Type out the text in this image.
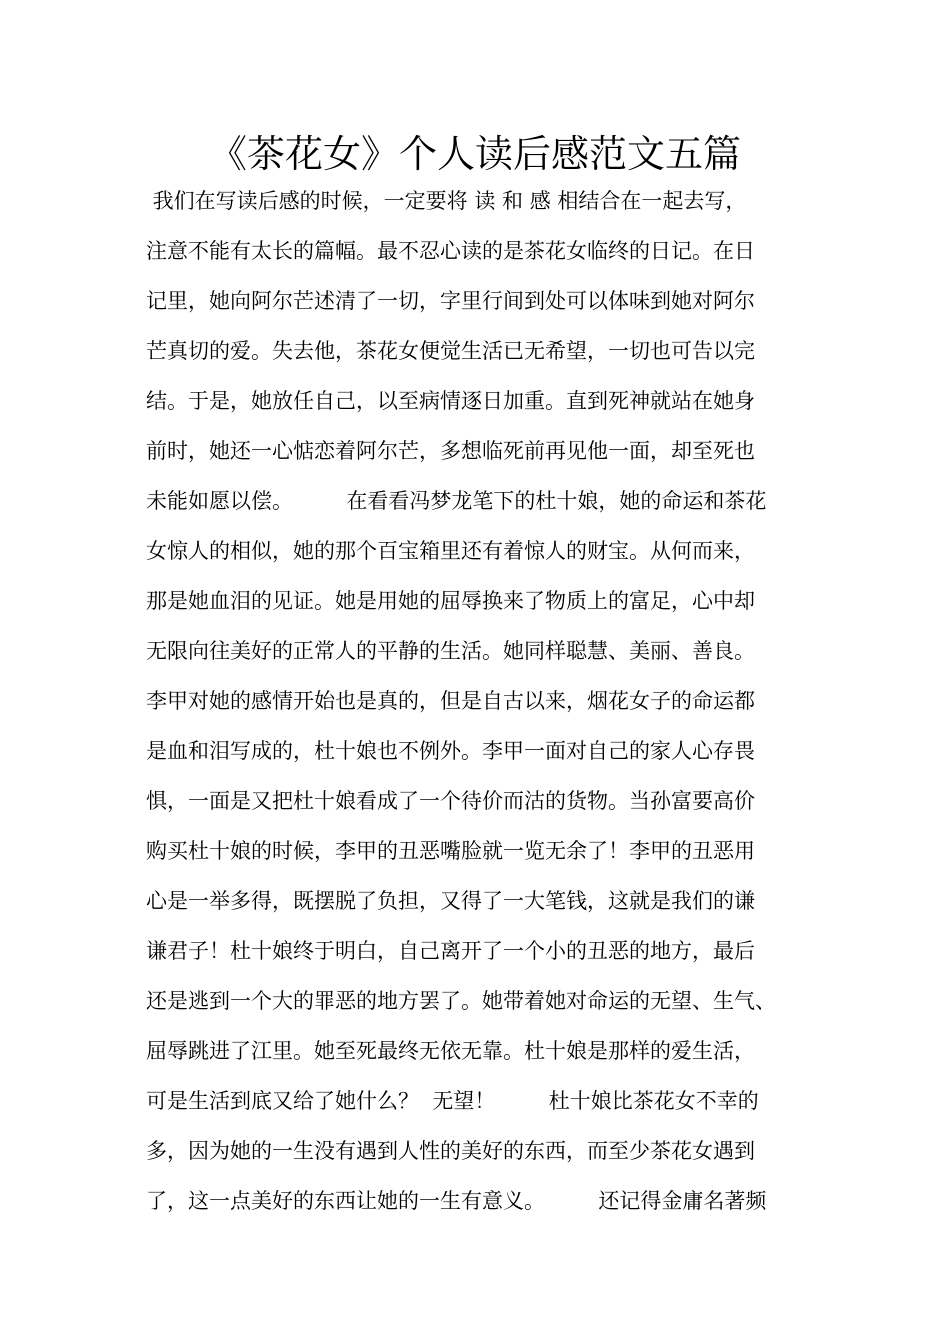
《茶花女》个人读后感范文五篇
我们在写读后感的时候，一定要将 读 和 感 相结合在一起去写，
注意不能有太长的篇幅。最不忍心读的是茶花女临终的日记。在日
记里，她向阿尔芒述清了一切，字里行间到处可以体味到她对阿尔
芒真切的爱。失去他，茶花女便觉生活已无希望，一切也可告以完
结。于是，她放任自己，以至病情逐日加重。直到死神就站在她身
前时，她还一心惦恋着阿尔芒，多想临死前再见他一面，却至死也
未能如愿以偿。        在看看冯梦龙笔下的杜十娘，她的命运和茶花
女惊人的相似，她的那个百宝箱里还有着惊人的财宝。从何而来，
那是她血泪的见证。她是用她的屈辱换来了物质上的富足，心中却
无限向往美好的正常人的平静的生活。她同样聪慧、美丽、善良。
李甲对她的感情开始也是真的，但是自古以来，烟花女子的命运都
是血和泪写成的，杜十娘也不例外。李甲一面对自己的家人心存畏
惧，一面是又把杜十娘看成了一个待价而沽的货物。当孙富要高价
购买杜十娘的时候，李甲的丑恶嘴脸就一览无余了！李甲的丑恶用
心是一举多得，既摆脱了负担，又得了一大笔钱，这就是我们的谦
谦君子！杜十娘终于明白，自己离开了一个小的丑恶的地方，最后
还是逃到一个大的罪恶的地方罢了。她带着她对命运的无望、生气、
屈辱跳进了江里。她至死最终无依无靠。杜十娘是那样的爱生活，
可是生活到底又给了她什么？  无望！        杜十娘比茶花女不幸的
多，因为她的一生没有遇到人性的美好的东西，而至少茶花女遇到
了，这一点美好的东西让她的一生有意义。        还记得金庸名著频
